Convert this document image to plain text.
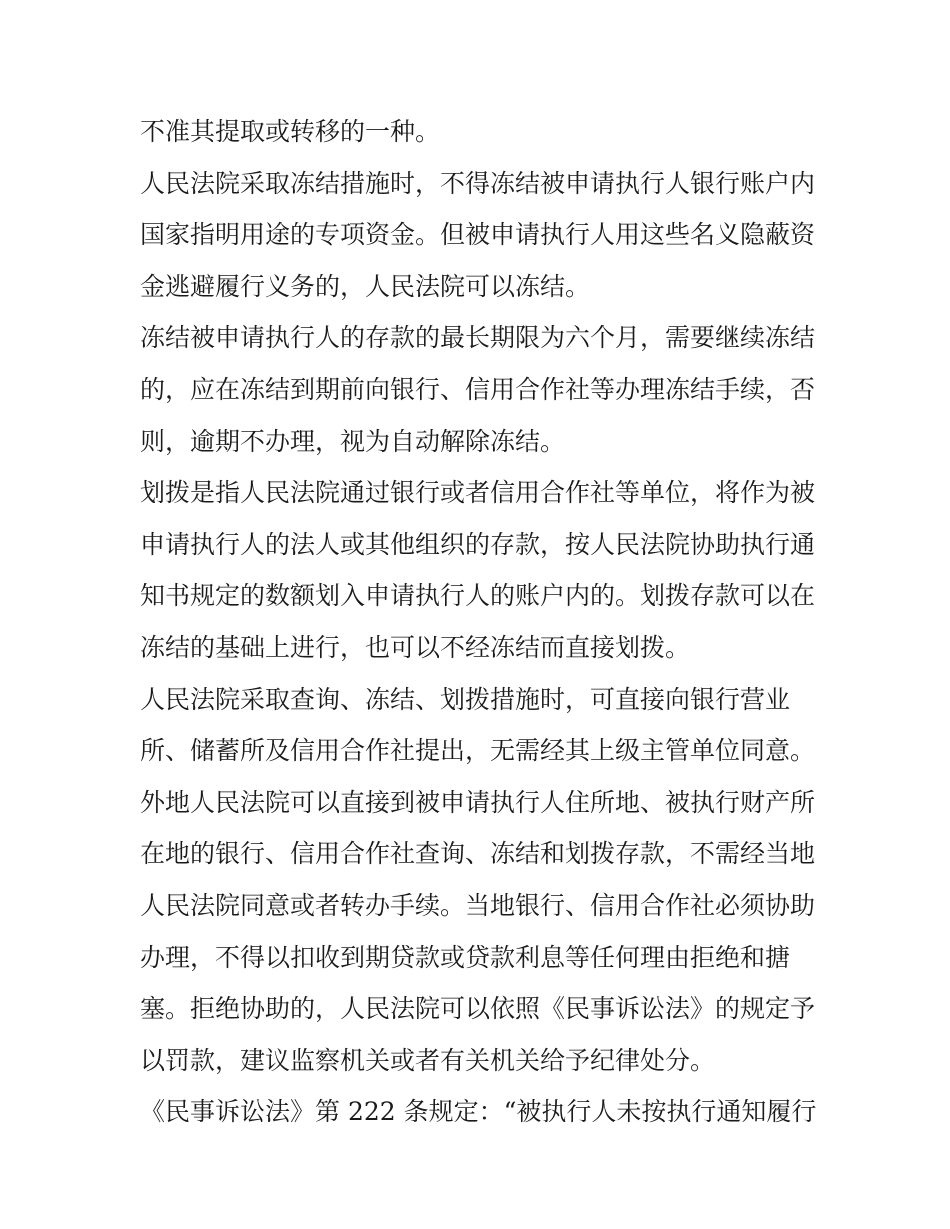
不准其提取或转移的一种。
人民法院采取冻结措施时，不得冻结被申请执行人银行账户内
国家指明用途的专项资金。但被申请执行人用这些名义隐蔽资
金逃避履行义务的，人民法院可以冻结。
冻结被申请执行人的存款的最长期限为六个月，需要继续冻结
的，应在冻结到期前向银行、信用合作社等办理冻结手续，否
则，逾期不办理，视为自动解除冻结。
划拨是指人民法院通过银行或者信用合作社等单位，将作为被
申请执行人的法人或其他组织的存款，按人民法院协助执行通
知书规定的数额划入申请执行人的账户内的。划拨存款可以在
冻结的基础上进行，也可以不经冻结而直接划拨。
人民法院采取查询、冻结、划拨措施时，可直接向银行营业
所、储蓄所及信用合作社提出，无需经其上级主管单位同意。
外地人民法院可以直接到被申请执行人住所地、被执行财产所
在地的银行、信用合作社查询、冻结和划拨存款，不需经当地
人民法院同意或者转办手续。当地银行、信用合作社必须协助
办理，不得以扣收到期贷款或贷款利息等任何理由拒绝和搪
塞。拒绝协助的，人民法院可以依照《民事诉讼法》的规定予
以罚款，建议监察机关或者有关机关给予纪律处分。
《民事诉讼法》第 222 条规定：“被执行人未按执行通知履行
